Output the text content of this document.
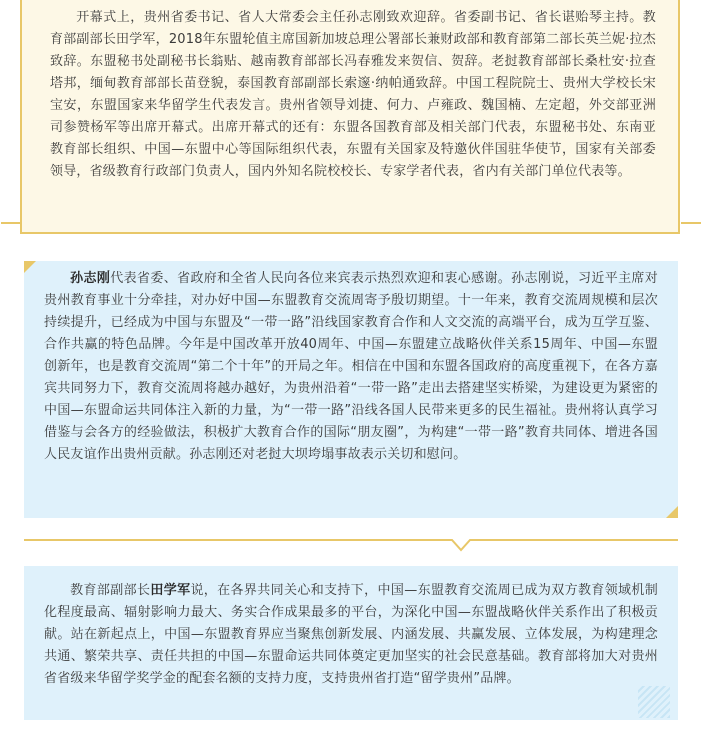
开幕式上，贵州省委书记、省人大常委会主任孙志刚致欢迎辞。省委副书记、省长谌贻琴主持。教育部副部长田学军，2018年东盟轮值主席国新加坡总理公署部长兼财政部和教育部第二部长英兰妮·拉杰致辞。东盟秘书处副秘书长翁贴、越南教育部部长冯春雅发来贺信、贺辞。老挝教育部部长桑杜安·拉查塔邦，缅甸教育部部长苗登貌，泰国教育部副部长索邃·纳帕通致辞。中国工程院院士、贵州大学校长宋宝安，东盟国家来华留学生代表发言。贵州省领导刘捷、何力、卢雍政、魏国楠、左定超，外交部亚洲司参赞杨军等出席开幕式。出席开幕式的还有：东盟各国教育部及相关部门代表，东盟秘书处、东南亚教育部长组织、中国—东盟中心等国际组织代表，东盟有关国家及特邀伙伴国驻华使节，国家有关部委领导，省级教育行政部门负责人，国内外知名院校校长、专家学者代表，省内有关部门单位代表等。

孙志刚代表省委、省政府和全省人民向各位来宾表示热烈欢迎和衷心感谢。孙志刚说，习近平主席对贵州教育事业十分牵挂，对办好中国—东盟教育交流周寄予殷切期望。十一年来，教育交流周规模和层次持续提升，已经成为中国与东盟及“一带一路”沿线国家教育合作和人文交流的高端平台，成为互学互鉴、合作共赢的特色品牌。今年是中国改革开放40周年、中国—东盟建立战略伙伴关系15周年、中国—东盟创新年，也是教育交流周“第二个十年”的开局之年。相信在中国和东盟各国政府的高度重视下，在各方嘉宾共同努力下，教育交流周将越办越好，为贵州沿着“一带一路”走出去搭建坚实桥梁，为建设更为紧密的中国—东盟命运共同体注入新的力量，为“一带一路”沿线各国人民带来更多的民生福祉。贵州将认真学习借鉴与会各方的经验做法，积极扩大教育合作的国际“朋友圈”，为构建“一带一路”教育共同体、增进各国人民友谊作出贵州贡献。孙志刚还对老挝大坝垮塌事故表示关切和慰问。

教育部副部长田学军说，在各界共同关心和支持下，中国—东盟教育交流周已成为双方教育领域机制化程度最高、辐射影响力最大、务实合作成果最多的平台，为深化中国—东盟战略伙伴关系作出了积极贡献。站在新起点上，中国—东盟教育界应当聚焦创新发展、内涵发展、共赢发展、立体发展，为构建理念共通、繁荣共享、责任共担的中国—东盟命运共同体奠定更加坚实的社会民意基础。教育部将加大对贵州省省级来华留学奖学金的配套名额的支持力度，支持贵州省打造“留学贵州”品牌。
